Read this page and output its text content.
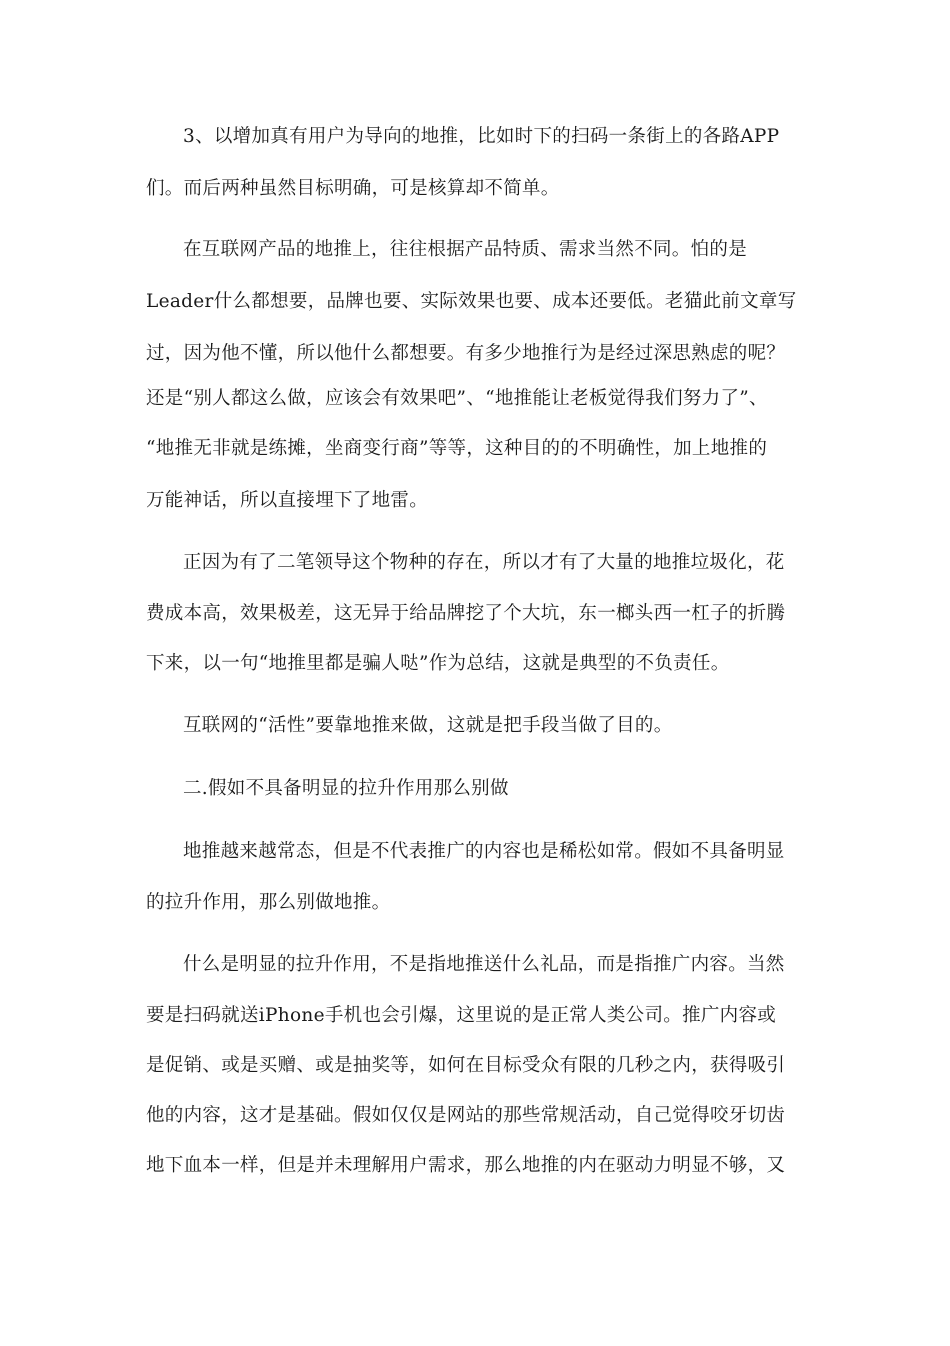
3、以增加真有用户为导向的地推，比如时下的扫码一条街上的各路APP

们。而后两种虽然目标明确，可是核算却不简单。

在互联网产品的地推上，往往根据产品特质、需求当然不同。怕的是

Leader什么都想要，品牌也要、实际效果也要、成本还要低。老猫此前文章写

过，因为他不懂，所以他什么都想要。有多少地推行为是经过深思熟虑的呢？

还是“别人都这么做，应该会有效果吧”、“地推能让老板觉得我们努力了”、

“地推无非就是练摊，坐商变行商”等等，这种目的的不明确性，加上地推的

万能神话，所以直接埋下了地雷。

正因为有了二笔领导这个物种的存在，所以才有了大量的地推垃圾化，花

费成本高，效果极差，这无异于给品牌挖了个大坑，东一榔头西一杠子的折腾

下来，以一句“地推里都是骗人哒”作为总结，这就是典型的不负责任。

互联网的“活性”要靠地推来做，这就是把手段当做了目的。

二.假如不具备明显的拉升作用那么别做

地推越来越常态，但是不代表推广的内容也是稀松如常。假如不具备明显

的拉升作用，那么别做地推。

什么是明显的拉升作用，不是指地推送什么礼品，而是指推广内容。当然

要是扫码就送iPhone手机也会引爆，这里说的是正常人类公司。推广内容或

是促销、或是买赠、或是抽奖等，如何在目标受众有限的几秒之内，获得吸引

他的内容，这才是基础。假如仅仅是网站的那些常规活动，自己觉得咬牙切齿

地下血本一样，但是并未理解用户需求，那么地推的内在驱动力明显不够，又
